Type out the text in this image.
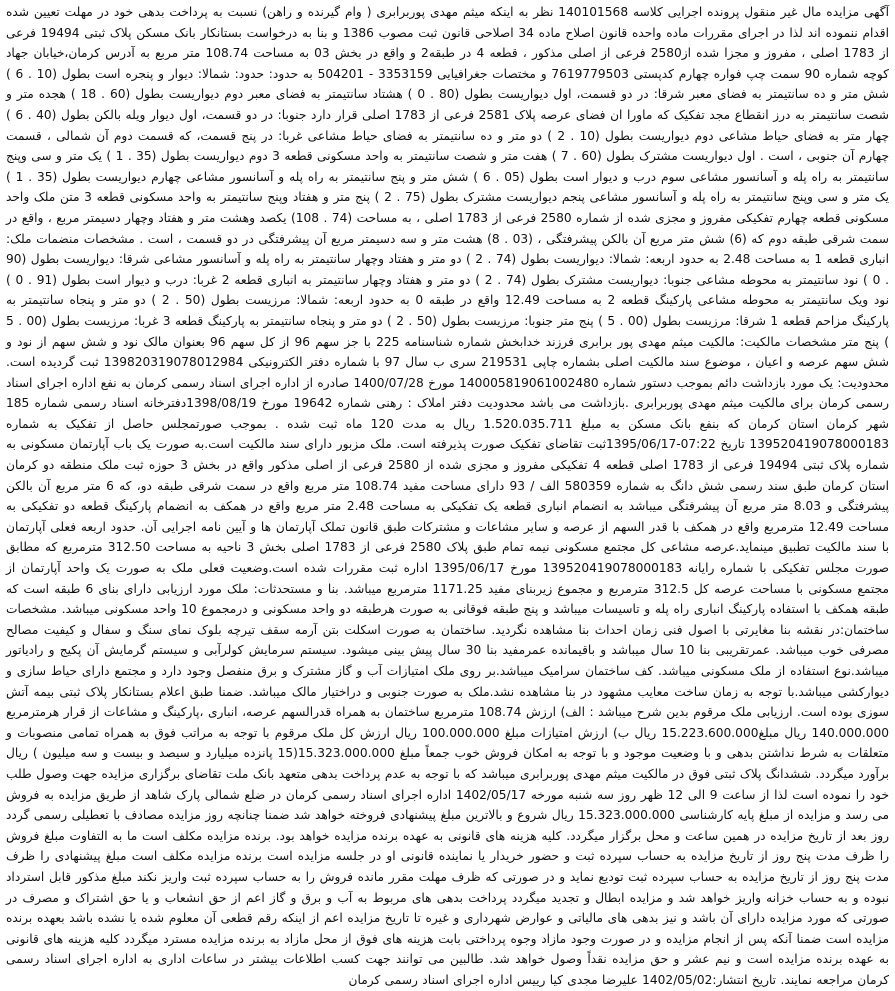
آگهی مزایده مال غیر منقول پرونده اجرایی کلاسه 140101568 نظر به اینکه میثم مهدی پوربرابری ( وام گیرنده و راهن) نسبت به پرداخت بدهی خود در مهلت تعیین شده اقدام ننموده اند لذا در اجرای مقررات ماده واحده قانون اصلاح ماده 34 اصلاحی قانون ثبت مصوب 1386 و بنا به درخواست بستانکار بانک مسکن پلاک ثبتی 19494 فرعی از 1783 اصلی ، مفروز و مجزا شده از2580 فرعی از اصلی مذکور ، قطعه 4 در طبقه2 و واقع در بخش 03 به مساحت 108.74 متر مربع به آدرس کرمان،خیابان جهاد کوچه شماره 90 سمت چپ فواره چهارم کدپستی 7619779503 و مختصات جغرافیایی 3353159 - 504201 به حدود: حدود: شمالا: دیوار و پنجره است بطول (10 . 6 ) شش متر و ده سانتیمتر به فضای معبر شرقا: در دو قسمت، اول دیواریست بطول (80 . 0 ) هشتاد سانتیمتر به فضای معبر دوم دیواریست بطول (60 . 18 ) هجده متر و شصت سانتیمتر به درز انقطاع مجد تفکیک که ماورا ان فضای عرصه پلاک 2581 فرعی از 1783 اصلی قرار دارد جنوبا: در دو قسمت، اول دیوار ویله بالکن بطول (40 . 6 ) چهار متر به فضای حیاط مشاعی دوم دیواریست بطول (10 . 2 ) دو متر و ده سانتیمتر به فضای حیاط مشاعی غربا: در پنج قسمت، که قسمت دوم آن شمالی ، قسمت چهارم آن جنوبی ، است . اول دیواریست مشترک بطول (60 . 7 ) هفت متر و شصت سانتیمتر به واحد مسکونی قطعه 3 دوم دیواریست بطول (35 . 1 ) یک متر و سی وپنج سانتیمتر به راه پله و آسانسور مشاعی سوم درب و دیوار است بطول (05 . 6 ) شش متر و پنج سانتیمتر به راه پله و آسانسور مشاعی چهارم دیواریست بطول (35 . 1 ) یک متر و سی وپنج سانتیمتر به راه پله و آسانسور مشاعی پنجم دیواریست مشترک بطول (75 . 2 ) پنج متر و هفتاد وپنج سانتیمتر به واحد مسکونی قطعه 3 متن ملک واحد مسکونی قطعه چهارم تفکیکی مفروز و مجزی شده از شماره 2580 فرعی از 1783 اصلی ، به مساحت (74 . 108) یکصد وهشت متر و هفتاد وچهار دسیمتر مربع ، واقع در سمت شرقی طبقه دوم که (6) شش متر مربع آن بالکن پیشرفتگی ، (03 . 8) هشت متر و سه دسیمتر مربع آن پیشرفتگی در دو قسمت ، است . مشخصات منضمات ملک: انباری قطعه 1 به مساحت 2.48 به حدود اربعه: شمالا: دیواریست بطول (74 . 2 ) دو متر و هفتاد وچهار سانتیمتر به راه پله و آسانسور مشاعی شرقا: دیواریست بطول (90 . 0 ) نود سانتیمتر به محوطه مشاعی جنوبا: دیواریست مشترک بطول (74 . 2 ) دو متر و هفتاد وچهار سانتیمتر به انباری قطعه 2 غربا: درب و دیوار است بطول (91 . 0 ) نود ویک سانتیمتر به محوطه مشاعی پارکینگ قطعه 2 به مساحت 12.49 واقع در طبقه 0 به حدود اربعه: شمالا: مرزیست بطول (50 . 2 ) دو متر و پنجاه سانتیمتر به پارکینگ مزاحم قطعه 1 شرقا: مرزیست بطول (00 . 5 ) پنج متر جنوبا: مرزیست بطول (50 . 2 ) دو متر و پنجاه سانتیمتر به پارکینگ قطعه 3 غربا: مرزیست بطول (00 . 5 ) پنج متر مشخصات مالکیت: مالکیت میثم مهدی پور برابری فرزند خدابخش شماره شناسنامه 225 با جز سهم 96 از کل سهم 96 بعنوان مالک نود و شش سهم از نود و شش سهم عرصه و اعیان ، موضوع سند مالکیت اصلی بشماره چاپی 219531 سری ب سال 97 با شماره دفتر الکترونیکی 139820319078012984 ثبت گردیده است. محدودیت: یک مورد بازداشت دائم بموجب دستور شماره 140005819061002480 مورخ 1400/07/28 صادره از اداره اجرای اسناد رسمی کرمان به نفع اداره اجرای اسناد رسمی کرمان برای مالکیت میثم مهدی پوربرابری .بازداشت می باشد محدودیت دفتر املاک : رهنی شماره 19642 مورخ 1398/08/19دفترخانه اسناد رسمی شماره 185 شهر کرمان استان کرمان که بنفع بانک مسکن به مبلغ 1.520.035.711 ریال به مدت 120 ماه ثبت شده . بموجب صورتمجلس حاصل از تفکیک به شماره 139520419078000183 تاریخ 07:22-1395/06/17ثبت تقاضای تفکیک صورت پذیرفته است. ملک مزبور دارای سند مالکیت است.به صورت یک باب آپارتمان مسکونی به شماره پلاک ثبتی 19494 فرعی از 1783 اصلی قطعه 4 تفکیکی مفروز و مجزی شده از 2580 فرعی از اصلی مذکور واقع در بخش 3 حوزه ثبت ملک منطقه دو کرمان استان کرمان طبق سند رسمی شش دانگ به شماره 580359 الف / 93 دارای مساحت مفید 108.74 متر مربع واقع در سمت شرقی طبقه دو، که 6 متر مربع آن بالکن پیشرفتگی و 8.03 متر مربع آن پیشرفتگی میباشد به انضمام انباری قطعه یک تفکیکی به مساحت 2.48 متر مربع واقع در همکف به انضمام پارکینگ قطعه دو تفکیکی به مساحت 12.49 مترمربع واقع در همکف با قدر السهم از عرصه و سایر مشاعات و مشترکات طبق قانون تملک آپارتمان ها و آیین نامه اجرایی آن. حدود اربعه فعلی آپارتمان با سند مالکیت تطبیق مینماید.عرصه مشاعی کل مجتمع مسکونی نیمه تمام طبق پلاک 2580 فرعی از 1783 اصلی بخش 3 ناحیه به مساحت 312.50 مترمربع که مطابق صورت مجلس تفکیکی با شماره رایانه 139520419078000183 مورخ 1395/06/17 اداره ثبت مقررات شده است.وضعیت فعلی ملک به صورت یک واحد آپارتمان از مجتمع مسکونی با مساحت عرصه کل 312.5 مترمربع و مجموع زیربنای مفید 1171.25 مترمربع میباشد. بنا و مستحدثات: ملک مورد ارزیابی دارای بنای 6 طبقه است که طبقه همکف با استفاده پارکینگ انباری راه پله و تاسیسات میباشد و پنج طبقه فوقانی به صورت هرطبقه دو واحد مسکونی و درمجموع 10 واحد مسکونی میباشد. مشخصات ساختمان:در نقشه بنا مغایرتی با اصول فنی زمان احداث بنا مشاهده نگردید. ساختمان به صورت اسکلت بتن آرمه سقف تیرچه بلوک نمای سنگ و سفال و کیفیت مصالح مصرفی خوب میباشد. عمرتقریبی بنا 10 سال میباشد و باقیمانده عمرمفید بنا 30 سال پیش بینی میشود. سیستم سرمایش کولرآبی و سیستم گرمایش آن پکیج و رادیاتور میباشد.نوع استفاده از ملک مسکونی میباشد. کف ساختمان سرامیک میباشد.بر روی ملک امتیازات آب و گاز مشترک و برق منفصل وجود دارد و مجتمع دارای حیاط سازی و دیوارکشی میباشد.با توجه به زمان ساخت معایب مشهود در بنا مشاهده نشد.ملک به صورت جنوبی و دراختیار مالک میباشد. ضمنا طبق اعلام بستانکار پلاک ثبتی بیمه آتش سوزی بوده است. ارزیابی ملک مرقوم بدین شرح میباشد : الف) ارزش 108.74 مترمربع ساختمان به همراه قدرالسهم عرصه، انباری ،پارکینگ و مشاعات از قرار هرمترمربع 140.000.000 ریال مبلغ15.223.600.000 ریال ب) ارزش امتیازات مبلغ 100.000.000 ریال ارزش کل ملک مرقوم با توجه به مراتب فوق به همراه تمامی منصوبات و متعلقات به شرط نداشتن بدهی و با وضعیت موجود و با توجه به امکان فروش خوب جمعاً مبلغ 15.323.000.000(15 پانزده میلیارد و سیصد و بیست و سه میلیون ) ریال برآورد میگردد. ششدانگ پلاک ثبتی فوق در مالکیت میثم مهدی پوربرابری میباشد که با توجه به عدم پرداخت بدهی متعهد بانک ملت تقاضای برگزاری مزایده جهت وصول طلب خود را نموده است لذا از ساعت 9 الی 12 ظهر روز سه شنبه مورخه 1402/05/17 اداره اجرای اسناد رسمی کرمان در ضلع شمالی پارک شاهد از طریق مزایده به فروش می رسد و مزایده از مبلغ پایه کارشناسی 15.323.000.000 ریال شروع و بالاترین مبلغ پیشنهادی فروخته خواهد شد ضمنا چنانچه روز مزایده مصادف با تعطیلی رسمی گردد روز بعد از تاریخ مزایده در همین ساعت و محل برگزار میگردد. کلیه هزینه های قانونی به عهده برنده مزایده خواهد بود. برنده مزایده مکلف است ما به التفاوت مبلغ فروش را ظرف مدت پنج روز از تاریخ مزایده به حساب سپرده ثبت و حضور خریدار یا نماینده قانونی او در جلسه مزایده است برنده مزایده مکلف است مبلغ پیشنهادی را ظرف مدت پنج روز از تاریخ مزایده به حساب سپرده ثبت تودیع نماید و در صورتی که ظرف مهلت مقرر مانده فروش را به حساب سپرده ثبت واریز نکند مبلغ مذکور قابل استرداد نبوده و به حساب خزانه واریز خواهد شد و مزایده ابطال و تجدید میگردد پرداخت بدهی های مربوط به آب و برق و گاز اعم از حق انشعاب و یا حق اشتراک و مصرف در صورتی که مورد مزایده دارای آن باشد و نیز بدهی های مالیاتی و عوارض شهرداری و غیره تا تاریخ مزایده اعم از اینکه رقم قطعی آن معلوم شده یا نشده باشد بعهده برنده مزایده است ضمنا آنکه پس از انجام مزایده و در صورت وجود مازاد وجوه پرداختی بابت هزینه های فوق از محل مازاد به برنده مزایده مسترد میگردد کلیه هزینه های قانونی به عهده برنده مزایده است و نیم عشر و حق مزایده نقداً وصول خواهد شد. طالبین می توانند جهت کسب اطلاعات بیشتر در ساعات اداری به اداره اجرای اسناد رسمی کرمان مراجعه نمایند. تاریخ انتشار:1402/05/02 علیرضا مجدی کیا رییس اداره اجرای اسناد رسمی کرمان
